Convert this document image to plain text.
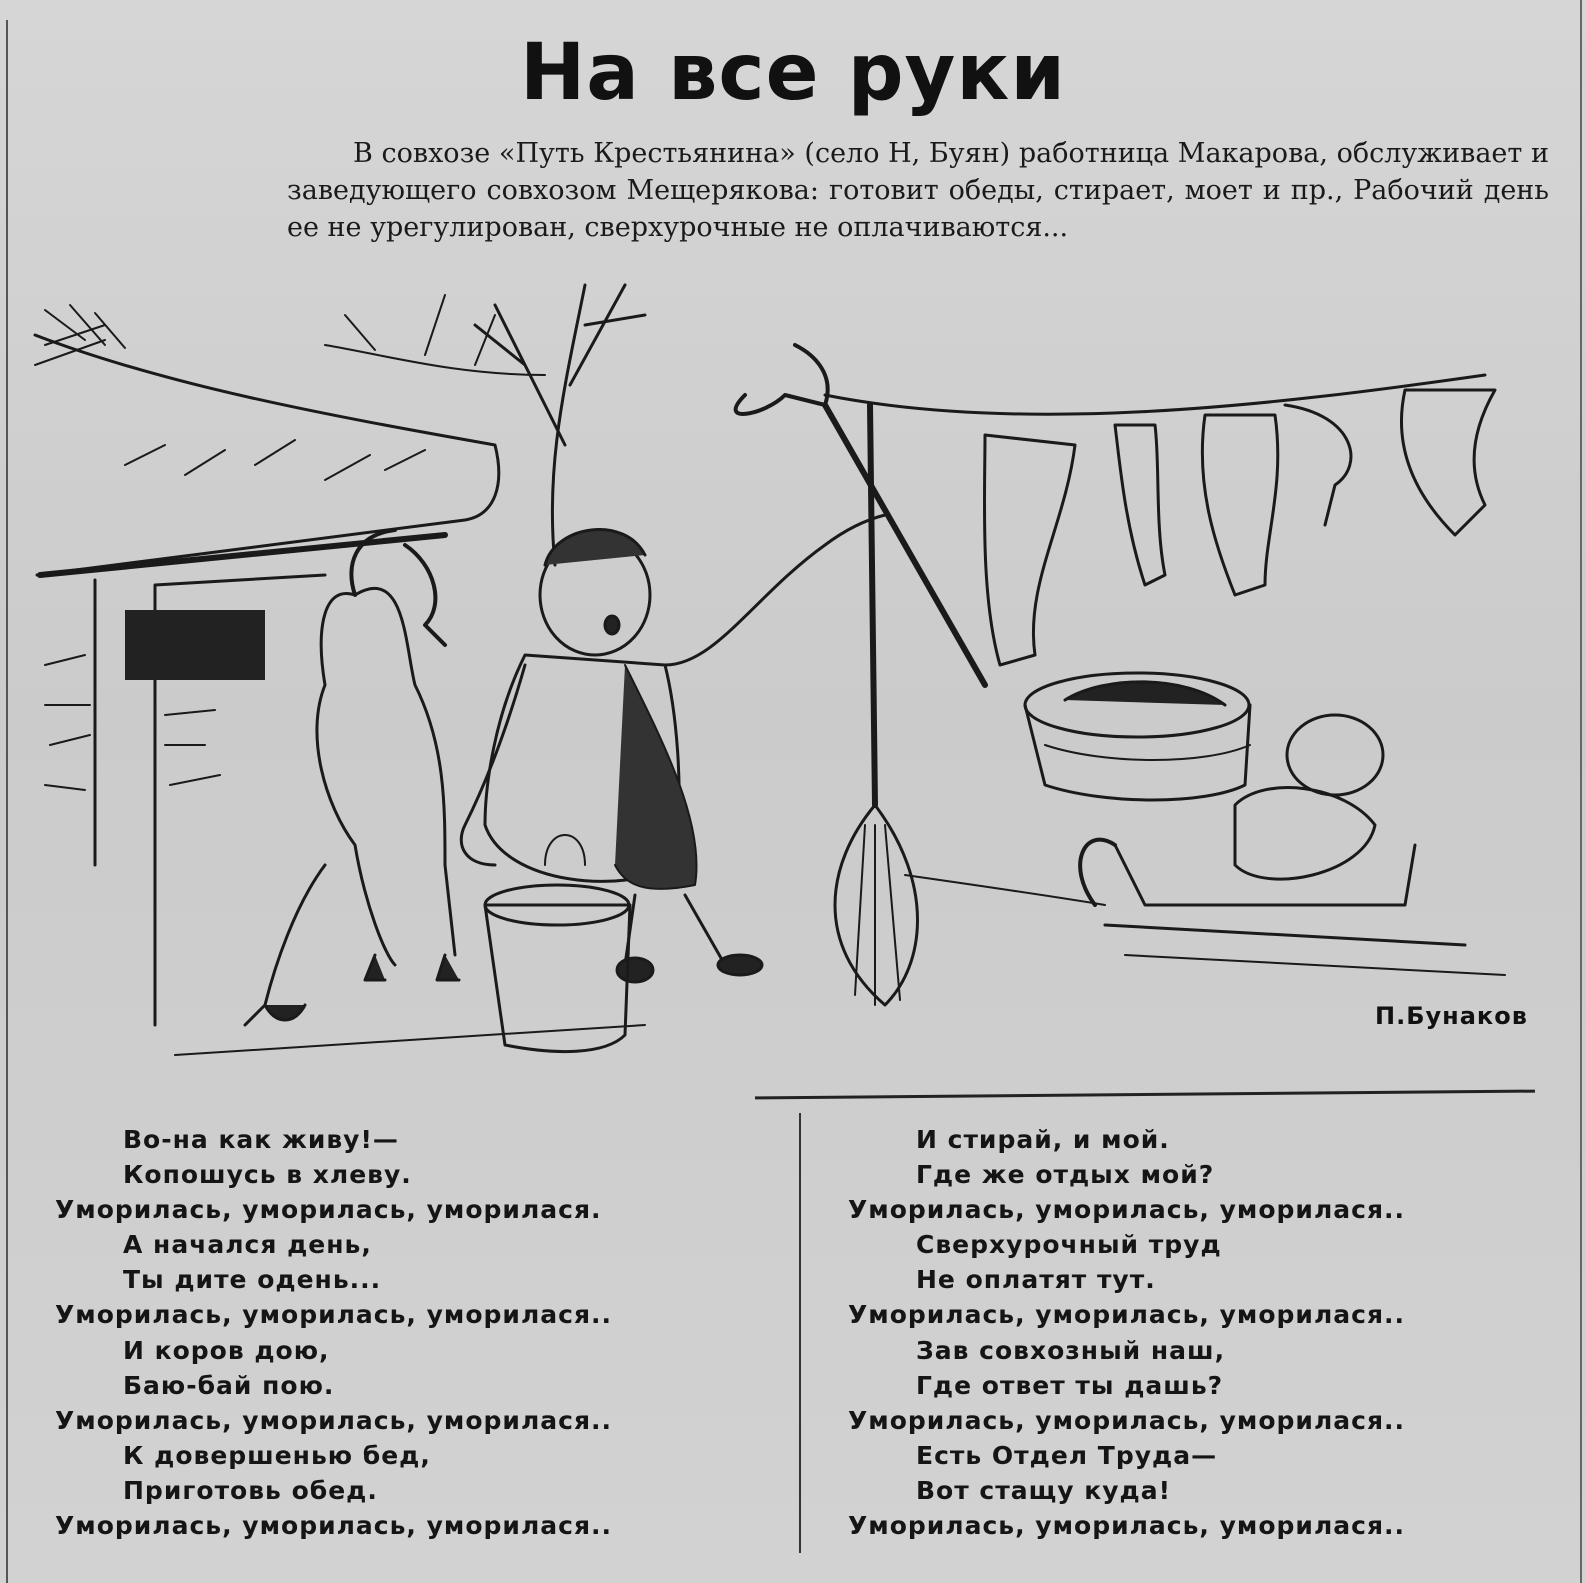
На все руки

В совхозе «Путь Крестьянина» (село Н, Буян) работница Макарова, обслуживает и заведующего совхозом Мещерякова: готовит обеды, стирает, моет и пр., Рабочий день ее не урегулирован, сверхурочные не оплачиваются...

П.Бунаков
Во-на как живу!—
Копошусь в хлеву.
Уморилась, уморилась, уморилася.
А начался день,
Ты дите одень...
Уморилась, уморилась, уморилася..
И коров дою,
Баю-бай пою.
Уморилась, уморилась, уморилася..
К довершенью бед,
Приготовь обед.
Уморилась, уморилась, уморилася..
И стирай, и мой.
Где же отдых мой?
Уморилась, уморилась, уморилася..
Сверхурочный труд
Не оплатят тут.
Уморилась, уморилась, уморилася..
Зав совхозный наш,
Где ответ ты дашь?
Уморилась, уморилась, уморилася..
Есть Отдел Труда—
Вот стащу куда!
Уморилась, уморилась, уморилася..
